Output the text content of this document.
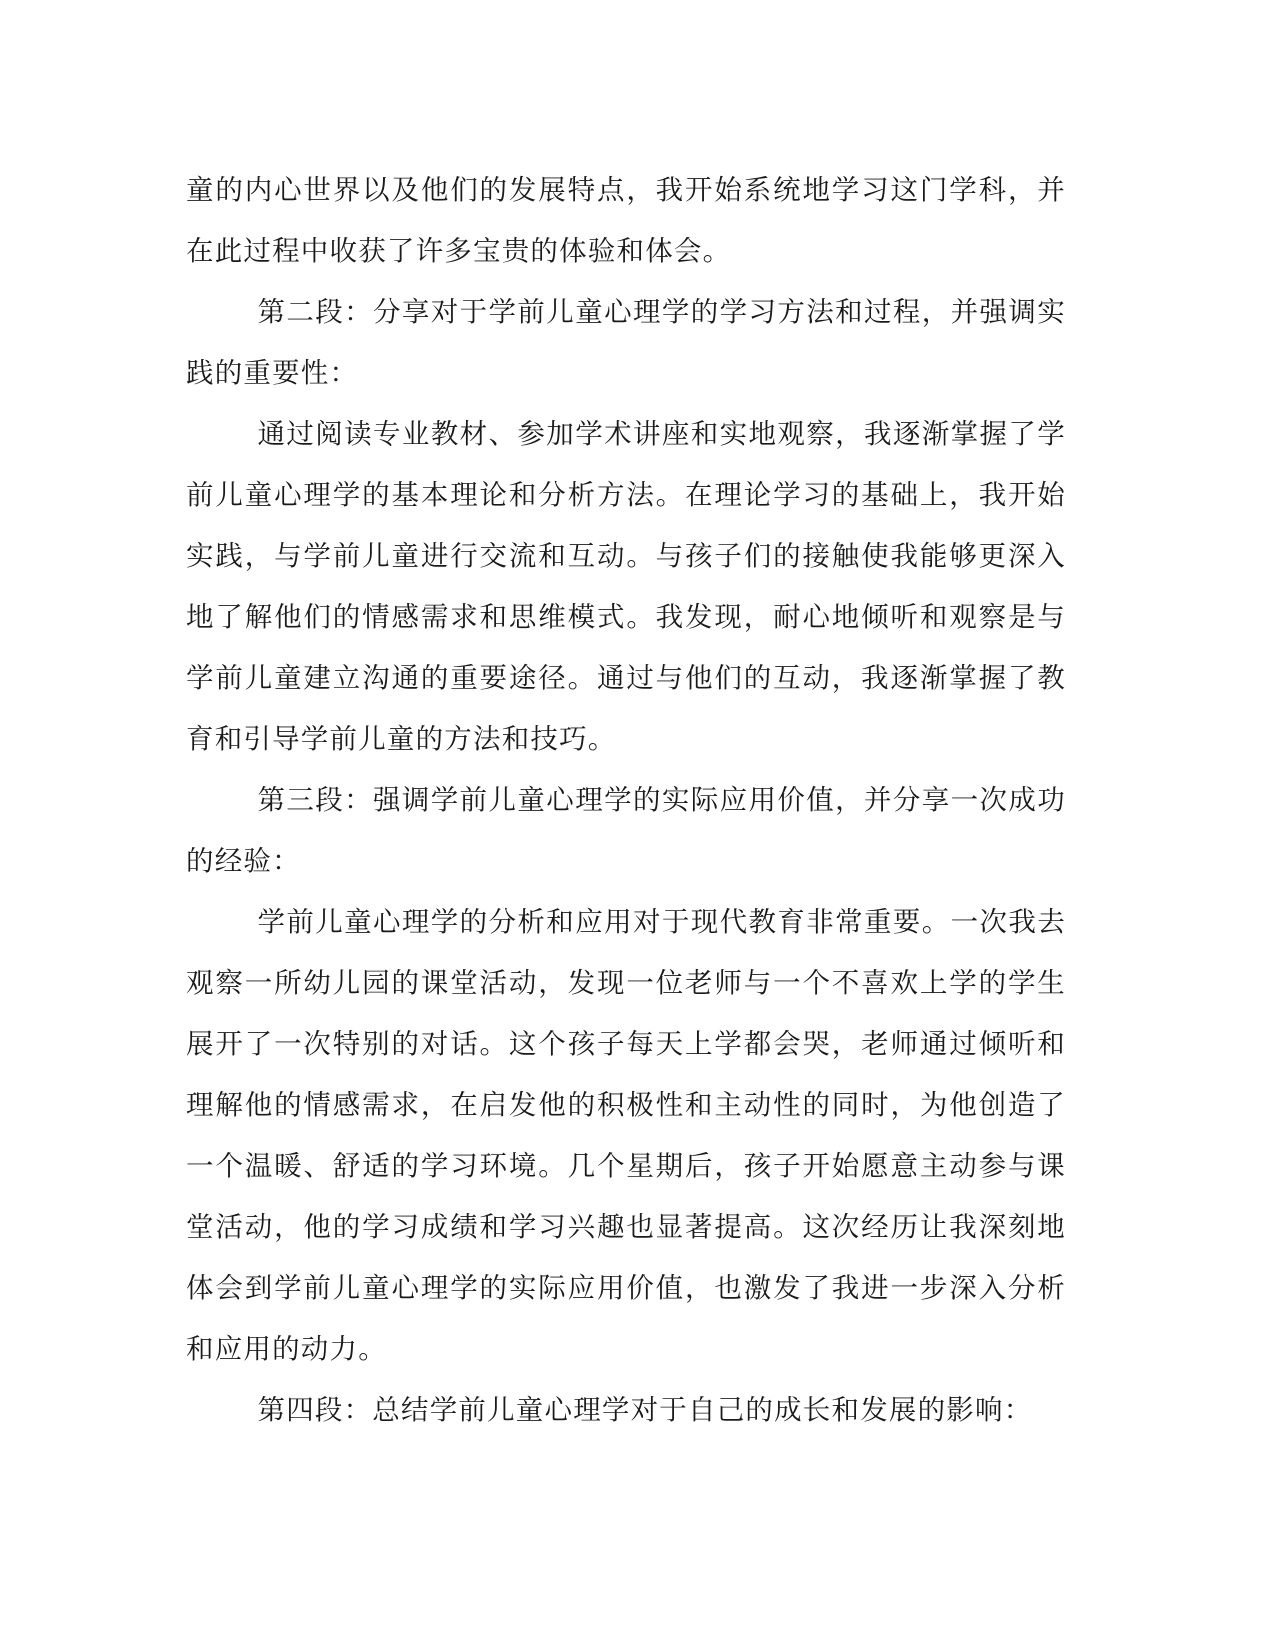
童的内心世界以及他们的发展特点，我开始系统地学习这门学科，并在此过程中收获了许多宝贵的体验和体会。

第二段：分享对于学前儿童心理学的学习方法和过程，并强调实践的重要性：

通过阅读专业教材、参加学术讲座和实地观察，我逐渐掌握了学前儿童心理学的基本理论和分析方法。在理论学习的基础上，我开始实践，与学前儿童进行交流和互动。与孩子们的接触使我能够更深入地了解他们的情感需求和思维模式。我发现，耐心地倾听和观察是与学前儿童建立沟通的重要途径。通过与他们的互动，我逐渐掌握了教育和引导学前儿童的方法和技巧。

第三段：强调学前儿童心理学的实际应用价值，并分享一次成功的经验：

学前儿童心理学的分析和应用对于现代教育非常重要。一次我去观察一所幼儿园的课堂活动，发现一位老师与一个不喜欢上学的学生展开了一次特别的对话。这个孩子每天上学都会哭，老师通过倾听和理解他的情感需求，在启发他的积极性和主动性的同时，为他创造了一个温暖、舒适的学习环境。几个星期后，孩子开始愿意主动参与课堂活动，他的学习成绩和学习兴趣也显著提高。这次经历让我深刻地体会到学前儿童心理学的实际应用价值，也激发了我进一步深入分析和应用的动力。

第四段：总结学前儿童心理学对于自己的成长和发展的影响：
